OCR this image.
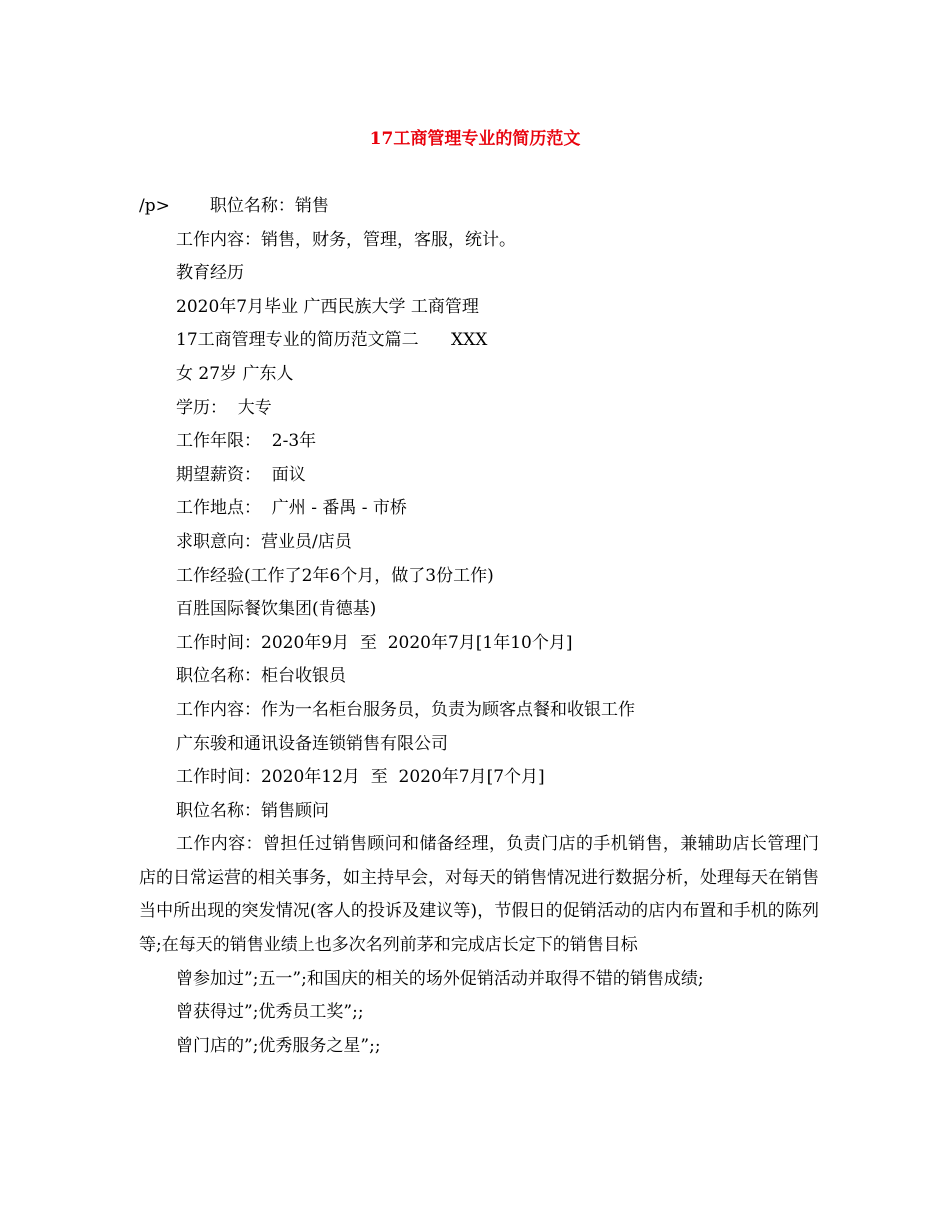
17工商管理专业的简历范文
/p> 职位名称：销售
工作内容：销售，财务，管理，客服，统计。
教育经历
2020年7月毕业 广西民族大学 工商管理
17工商管理专业的简历范文篇二      XXX
女 27岁 广东人
学历：  大专
工作年限：  2-3年
期望薪资：  面议
工作地点：  广州 - 番禺 - 市桥
求职意向：营业员/店员
工作经验(工作了2年6个月，做了3份工作)
百胜国际餐饮集团(肯德基)
工作时间：2020年9月  至  2020年7月[1年10个月]
职位名称：柜台收银员
工作内容：作为一名柜台服务员，负责为顾客点餐和收银工作
广东骏和通讯设备连锁销售有限公司
工作时间：2020年12月  至  2020年7月[7个月]
职位名称：销售顾问
工作内容：曾担任过销售顾问和储备经理，负责门店的手机销售，兼辅助店长管理门店的日常运营的相关事务，如主持早会，对每天的销售情况进行数据分析，处理每天在销售当中所出现的突发情况(客人的投诉及建议等)，节假日的促销活动的店内布置和手机的陈列等;在每天的销售业绩上也多次名列前茅和完成店长定下的销售目标
曾参加过”;五一”;和国庆的相关的场外促销活动并取得不错的销售成绩;
曾获得过”;优秀员工奖”;;
曾门店的”;优秀服务之星”;;
